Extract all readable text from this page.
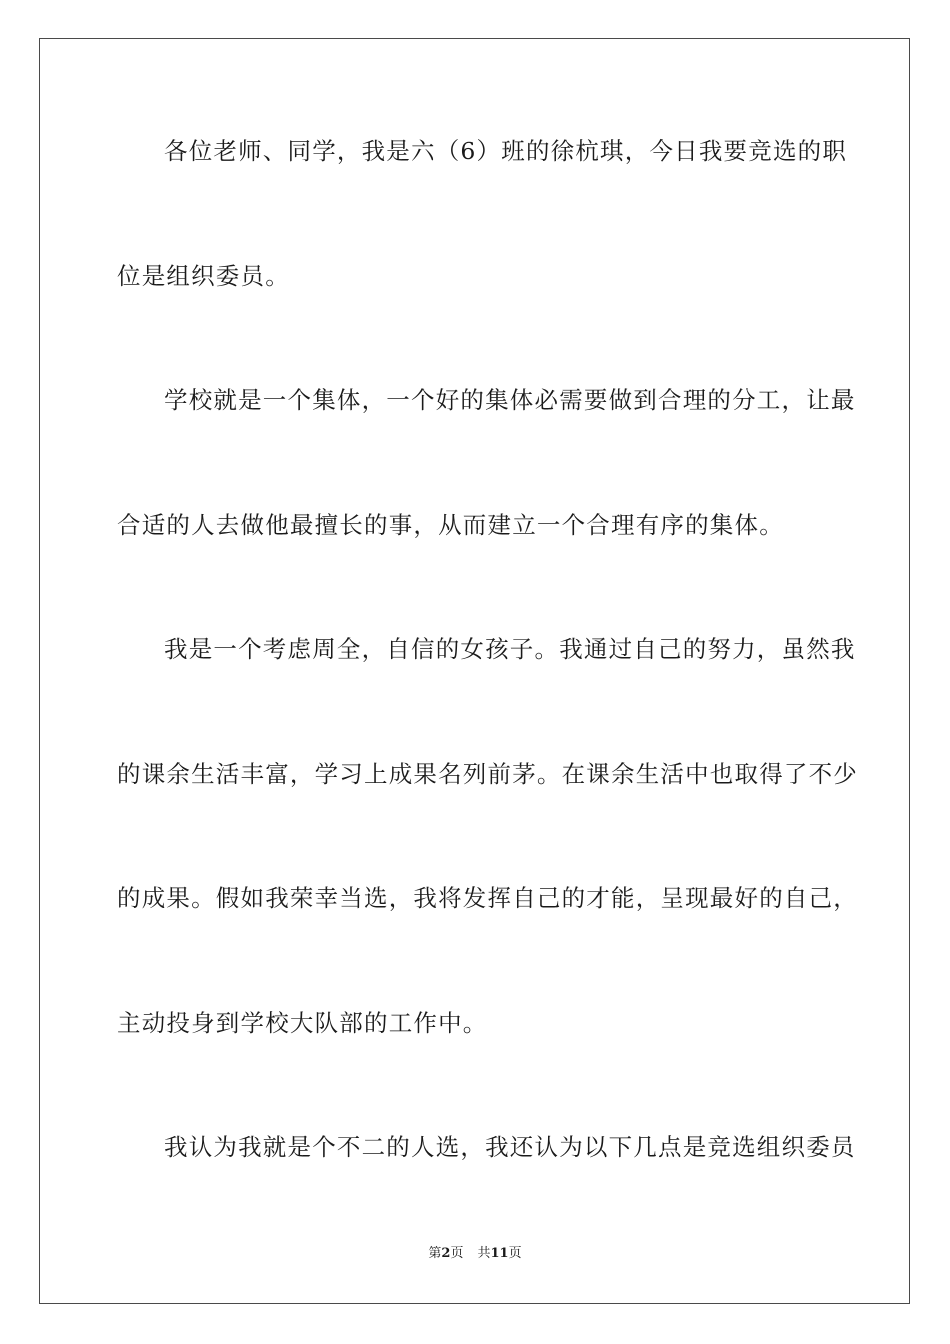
各位老师、同学，我是六（6）班的徐杭琪，今日我要竞选的职
位是组织委员。
学校就是一个集体，一个好的集体必需要做到合理的分工，让最
合适的人去做他最擅长的事，从而建立一个合理有序的集体。
我是一个考虑周全，自信的女孩子。我通过自己的努力，虽然我
的课余生活丰富，学习上成果名列前茅。在课余生活中也取得了不少
的成果。假如我荣幸当选，我将发挥自己的才能，呈现最好的自己，
主动投身到学校大队部的工作中。
我认为我就是个不二的人选，我还认为以下几点是竞选组织委员
第2页 共11页
